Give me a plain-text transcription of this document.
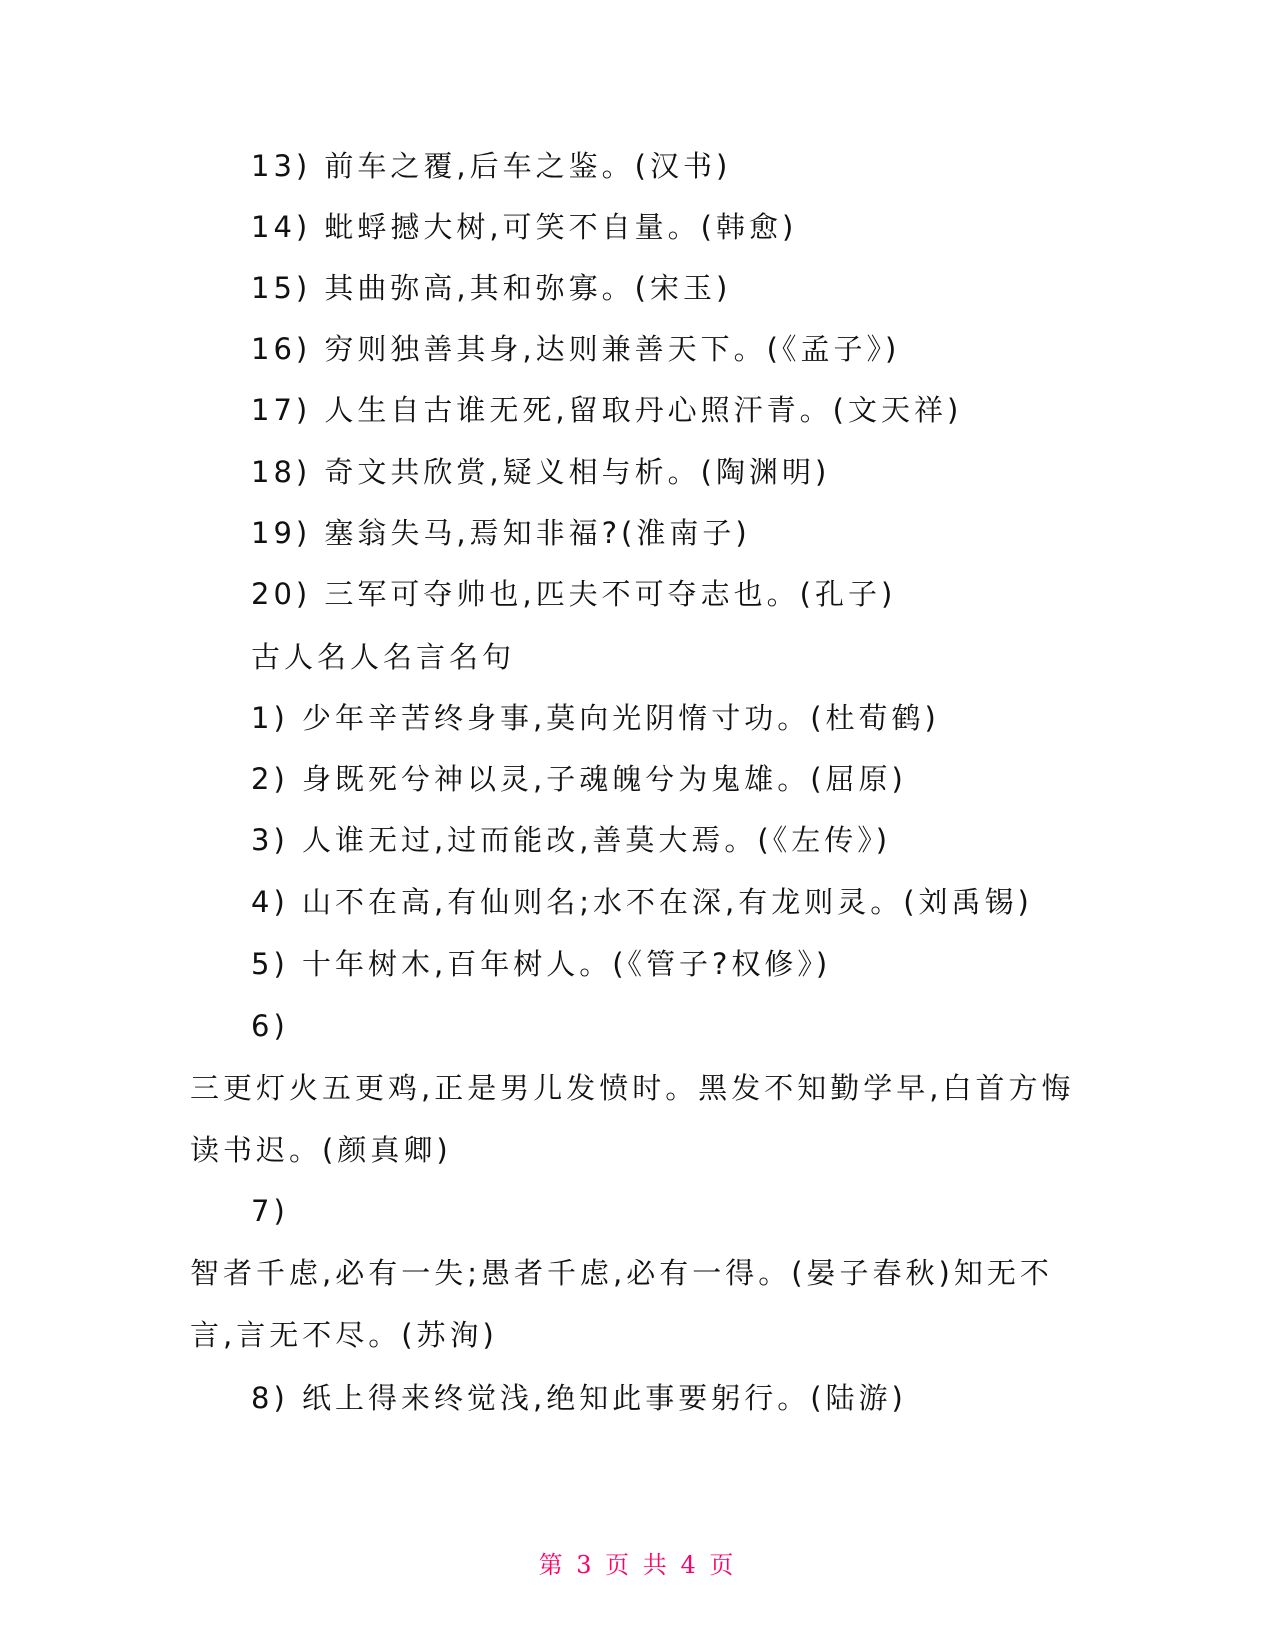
13) 前车之覆,后车之鉴。(汉书)
14) 蚍蜉撼大树,可笑不自量。(韩愈)
15) 其曲弥高,其和弥寡。(宋玉)
16) 穷则独善其身,达则兼善天下。(《孟子》)
17) 人生自古谁无死,留取丹心照汗青。(文天祥)
18) 奇文共欣赏,疑义相与析。(陶渊明)
19) 塞翁失马,焉知非福?(淮南子)
20) 三军可夺帅也,匹夫不可夺志也。(孔子)
古人名人名言名句
1) 少年辛苦终身事,莫向光阴惰寸功。(杜荀鹤)
2) 身既死兮神以灵,子魂魄兮为鬼雄。(屈原)
3) 人谁无过,过而能改,善莫大焉。(《左传》)
4) 山不在高,有仙则名;水不在深,有龙则灵。(刘禹锡)
5) 十年树木,百年树人。(《管子?权修》)
6)
三更灯火五更鸡,正是男儿发愤时。黑发不知勤学早,白首方悔
读书迟。(颜真卿)
7)
智者千虑,必有一失;愚者千虑,必有一得。(晏子春秋)知无不
言,言无不尽。(苏洵)
8) 纸上得来终觉浅,绝知此事要躬行。(陆游)
第 3 页 共 4 页
